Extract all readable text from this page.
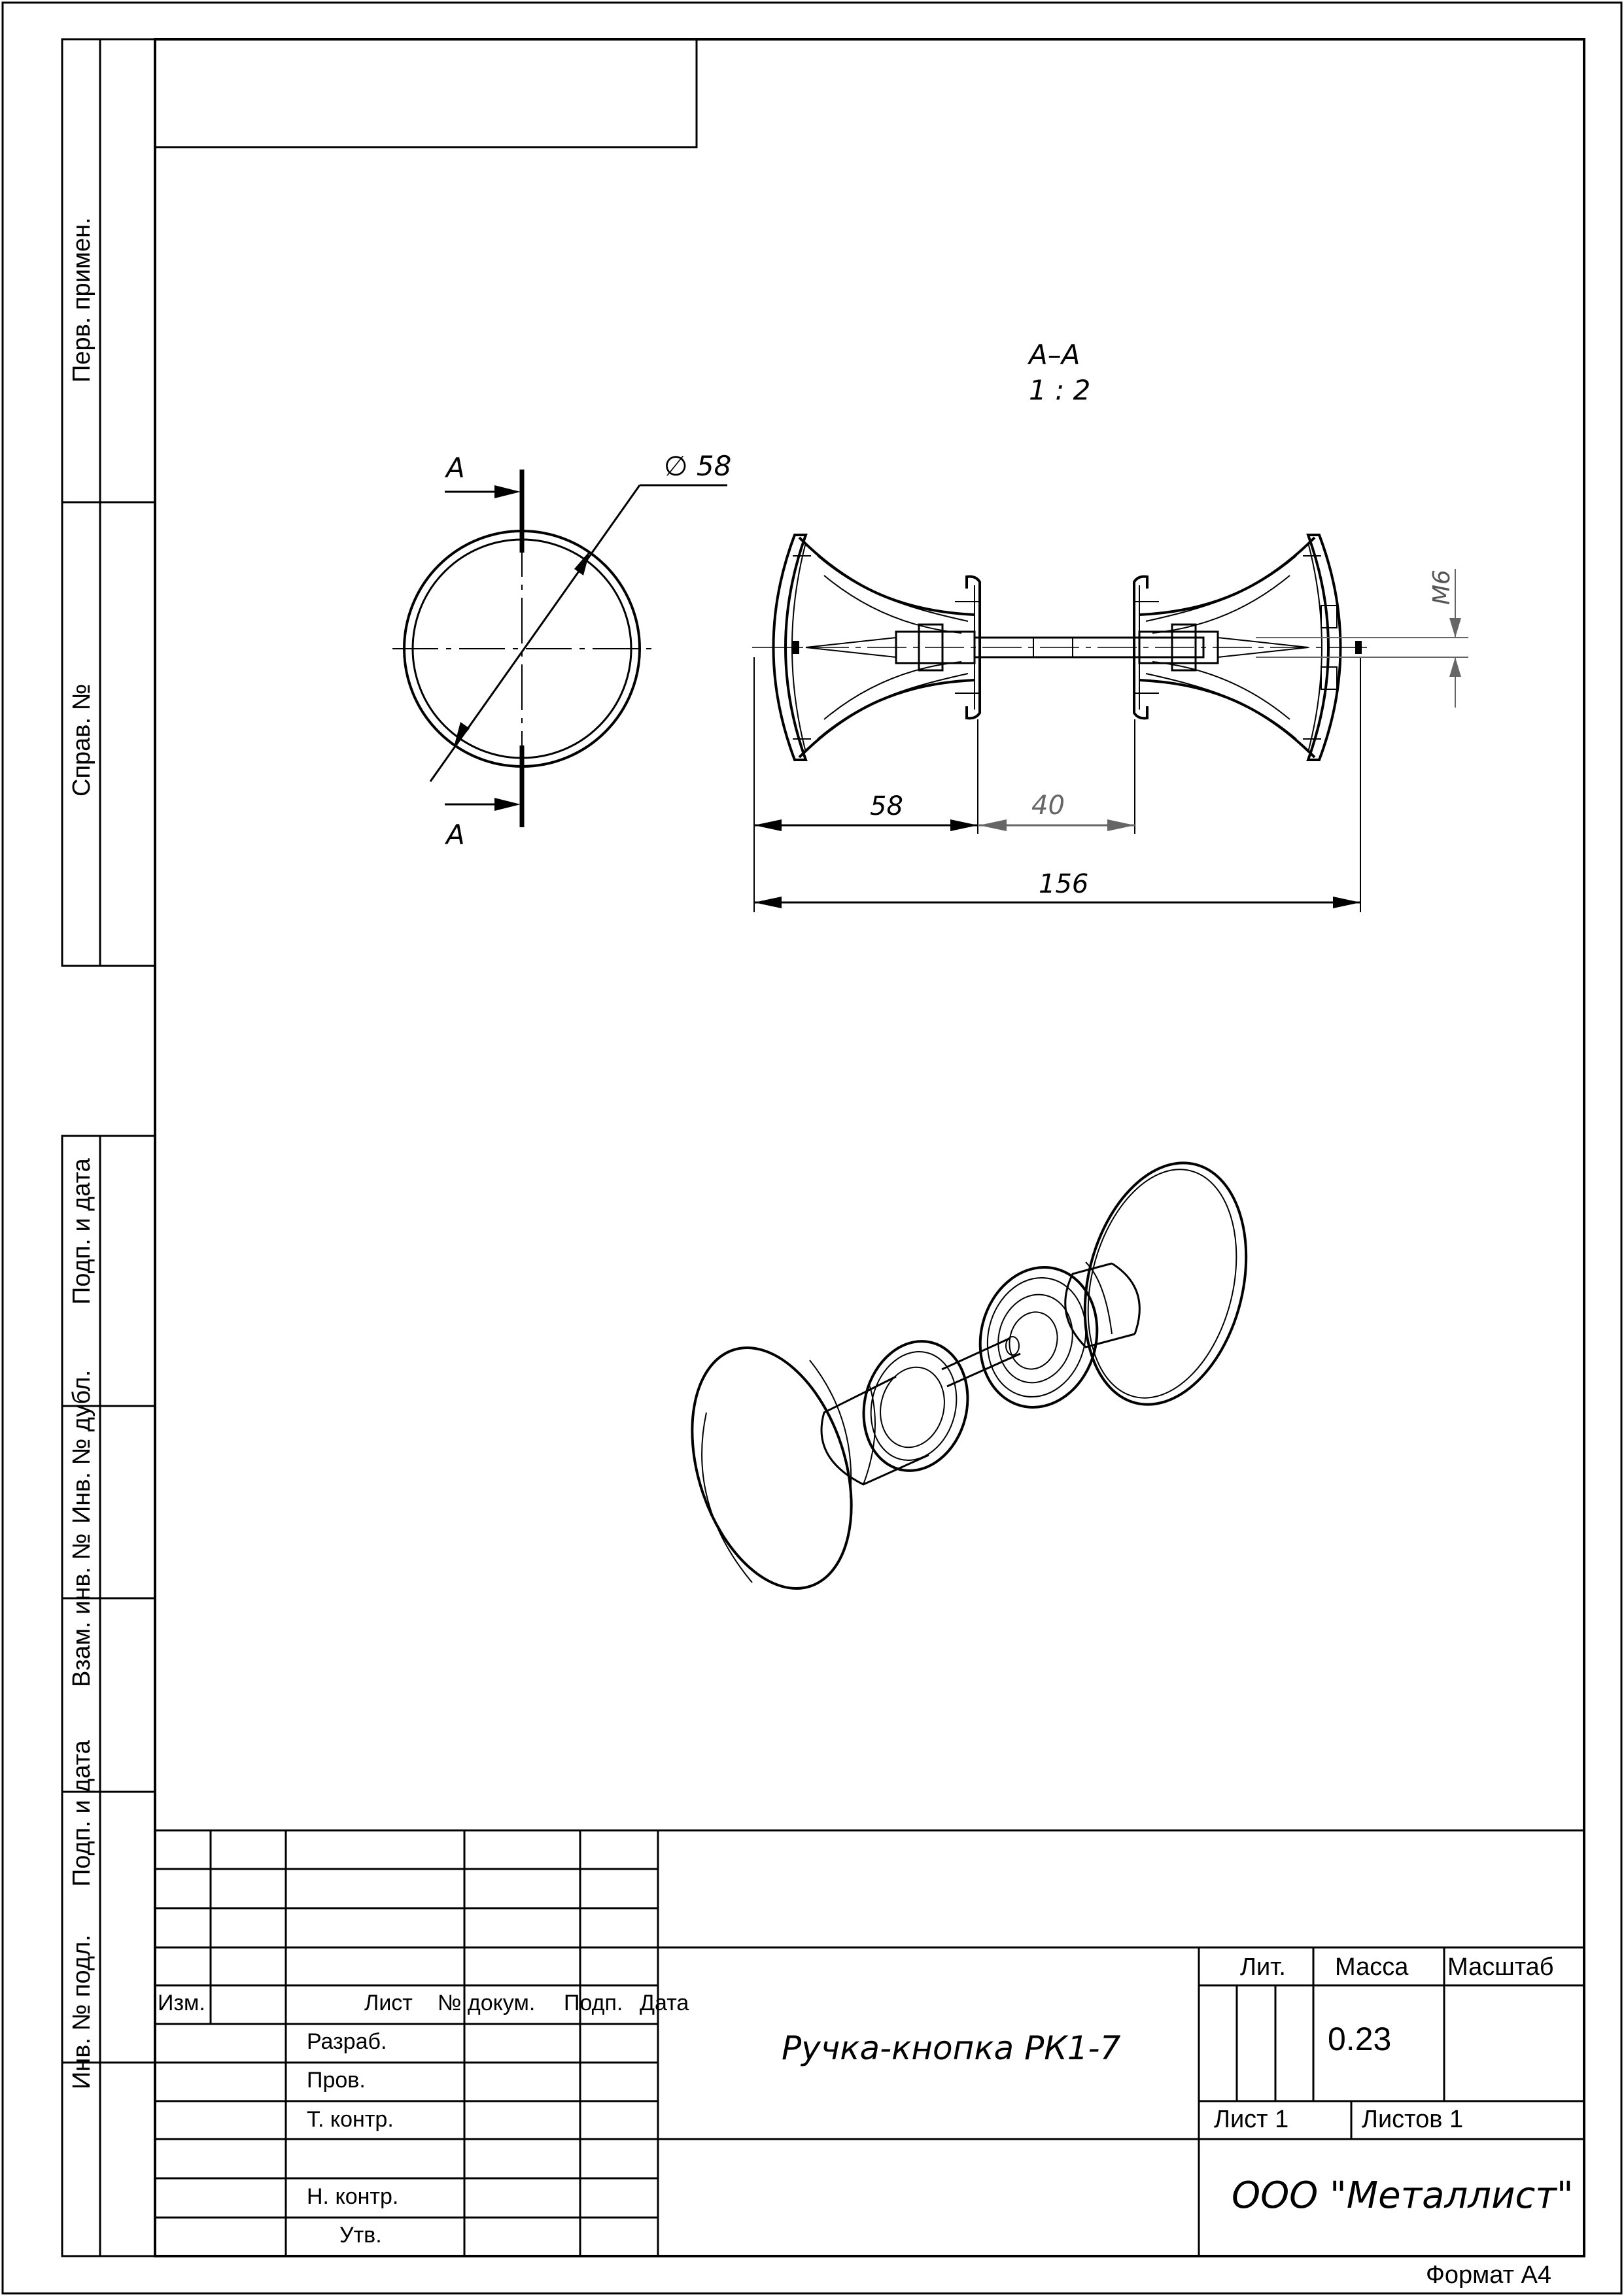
А–А
1 : 2
А
А
∅ 58
М6
58	40
156
Перв. примен.
Справ. №
Подп. и дата
Инв. № дубл.
Взам. инв. №
Подп. и дата
Инв. № подл.	Изм.	Лист № докум. Подп. Дата
Разраб.
Пров.
Т. контр.
Н. контр.
Утв.
Ручка-кнопка РК1-7
Лит. Масса Масштаб
0.23
Лист 1	Листов 1
ООО "Металлист"
Формат А4
